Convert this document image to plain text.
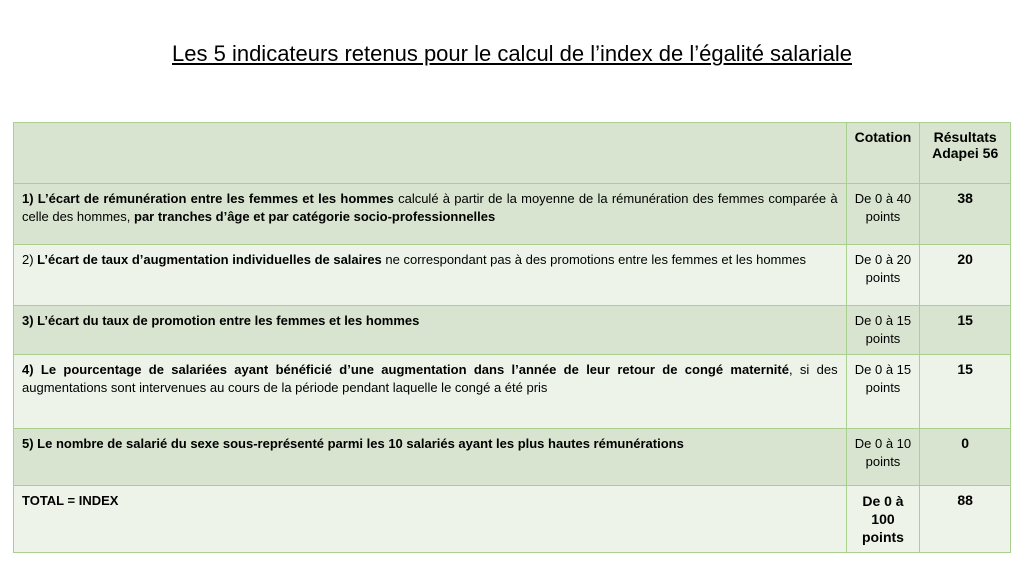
Les 5 indicateurs retenus pour le calcul de l’index de l’égalité salariale
	Cotation	Résultats Adapei 56
1) L’écart de rémunération entre les femmes et les hommes calculé à partir de la moyenne de la rémunération des femmes comparée à celle des hommes, par tranches d’âge et par catégorie socio-professionnelles	De 0 à 40 points	38
2) L’écart de taux d’augmentation individuelles de salaires ne correspondant pas à des promotions entre les femmes et les hommes	De 0 à 20 points	20
3) L’écart du taux de promotion entre les femmes et les hommes	De 0 à 15 points	15
4) Le pourcentage de salariées ayant bénéficié d’une augmentation dans l’année de leur retour de congé maternité, si des augmentations sont intervenues au cours de la période pendant laquelle le congé a été pris	De 0 à 15 points	15
5) Le nombre de salarié du sexe sous-représenté parmi les 10 salariés ayant les plus hautes rémunérations	De 0 à 10 points	0
TOTAL = INDEX	De 0 à 100 points	88
